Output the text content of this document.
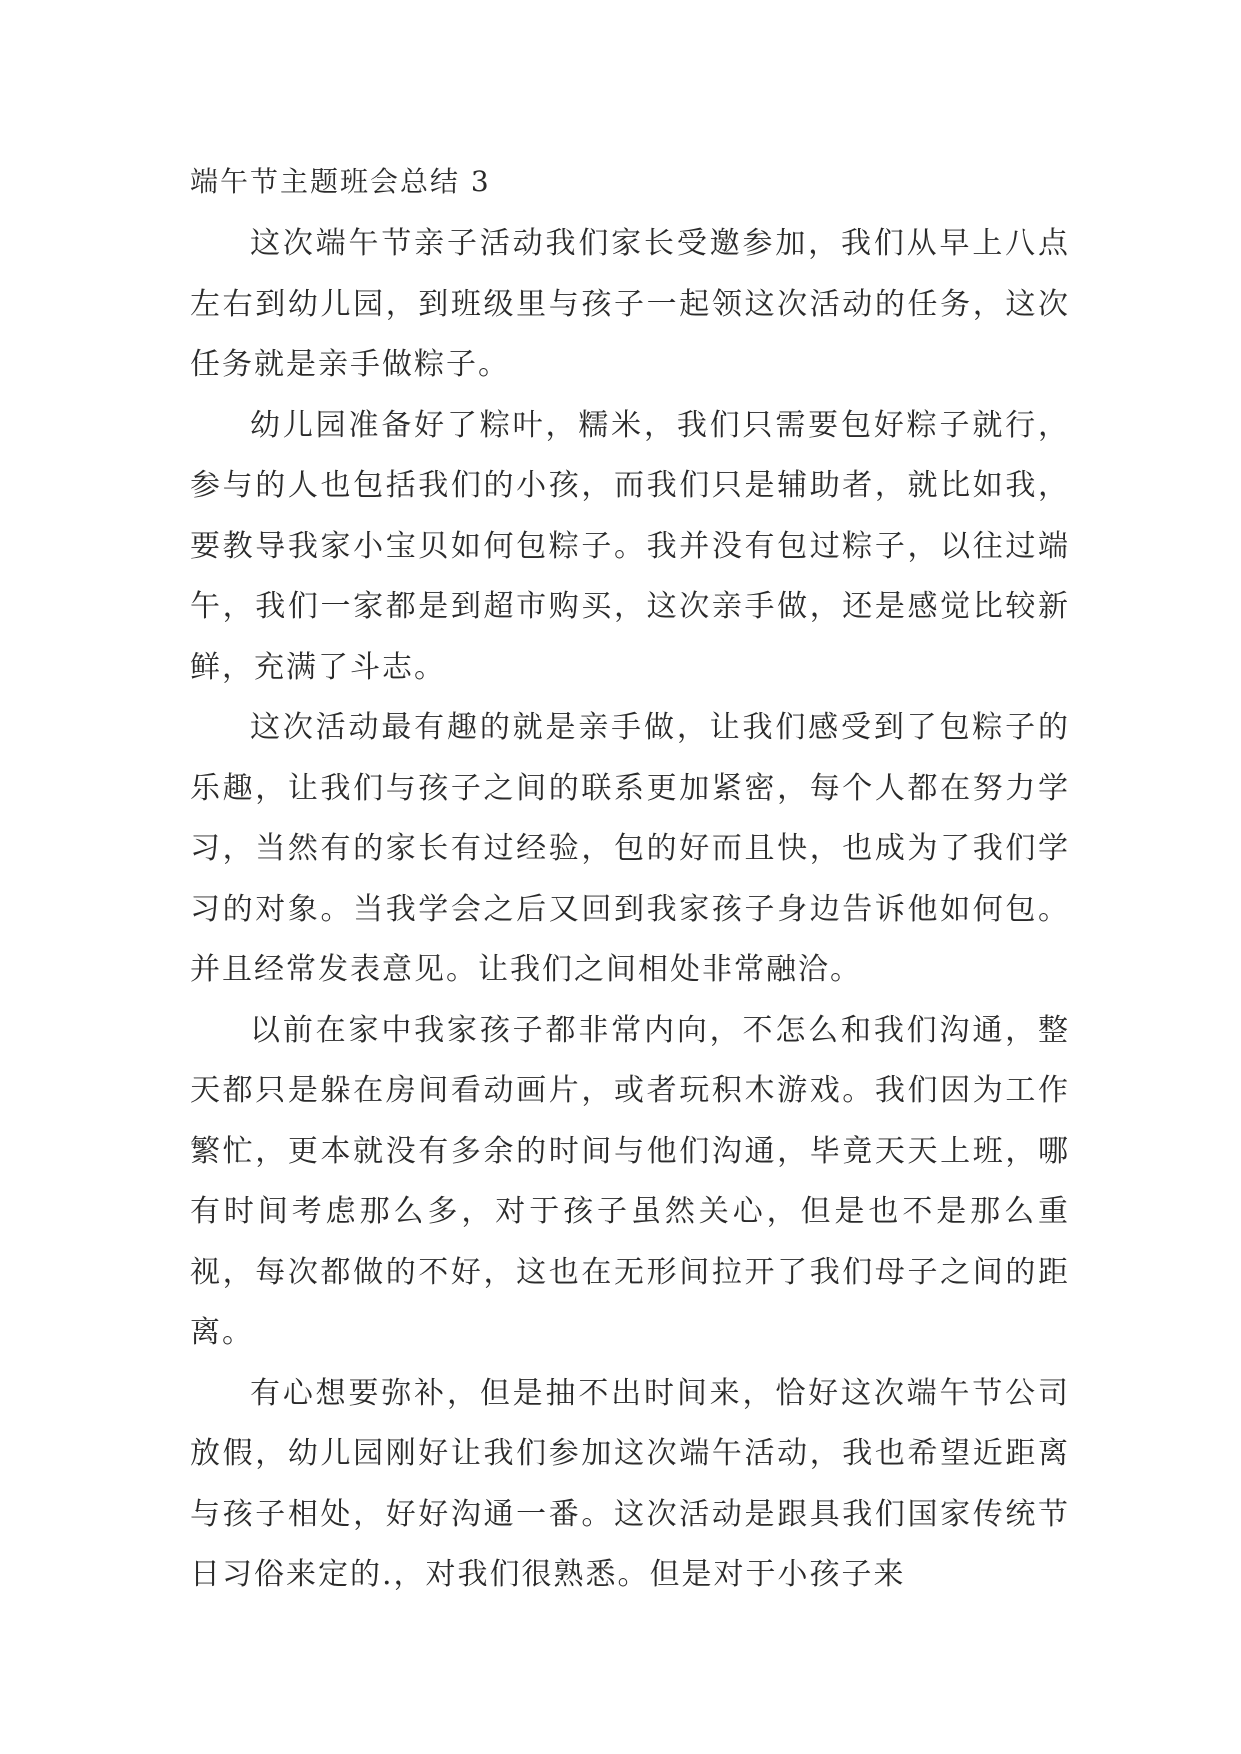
端午节主题班会总结 3

这次端午节亲子活动我们家长受邀参加，我们从早上八点左右到幼儿园，到班级里与孩子一起领这次活动的任务，这次任务就是亲手做粽子。

幼儿园准备好了粽叶，糯米，我们只需要包好粽子就行，参与的人也包括我们的小孩，而我们只是辅助者，就比如我，要教导我家小宝贝如何包粽子。我并没有包过粽子，以往过端午，我们一家都是到超市购买，这次亲手做，还是感觉比较新鲜，充满了斗志。

这次活动最有趣的就是亲手做，让我们感受到了包粽子的乐趣，让我们与孩子之间的联系更加紧密，每个人都在努力学习，当然有的家长有过经验，包的好而且快，也成为了我们学习的对象。当我学会之后又回到我家孩子身边告诉他如何包。并且经常发表意见。让我们之间相处非常融洽。

以前在家中我家孩子都非常内向，不怎么和我们沟通，整天都只是躲在房间看动画片，或者玩积木游戏。我们因为工作繁忙，更本就没有多余的时间与他们沟通，毕竟天天上班，哪有时间考虑那么多，对于孩子虽然关心，但是也不是那么重视，每次都做的不好，这也在无形间拉开了我们母子之间的距离。

有心想要弥补，但是抽不出时间来，恰好这次端午节公司放假，幼儿园刚好让我们参加这次端午活动，我也希望近距离与孩子相处，好好沟通一番。这次活动是跟具我们国家传统节日习俗来定的.，对我们很熟悉。但是对于小孩子来
